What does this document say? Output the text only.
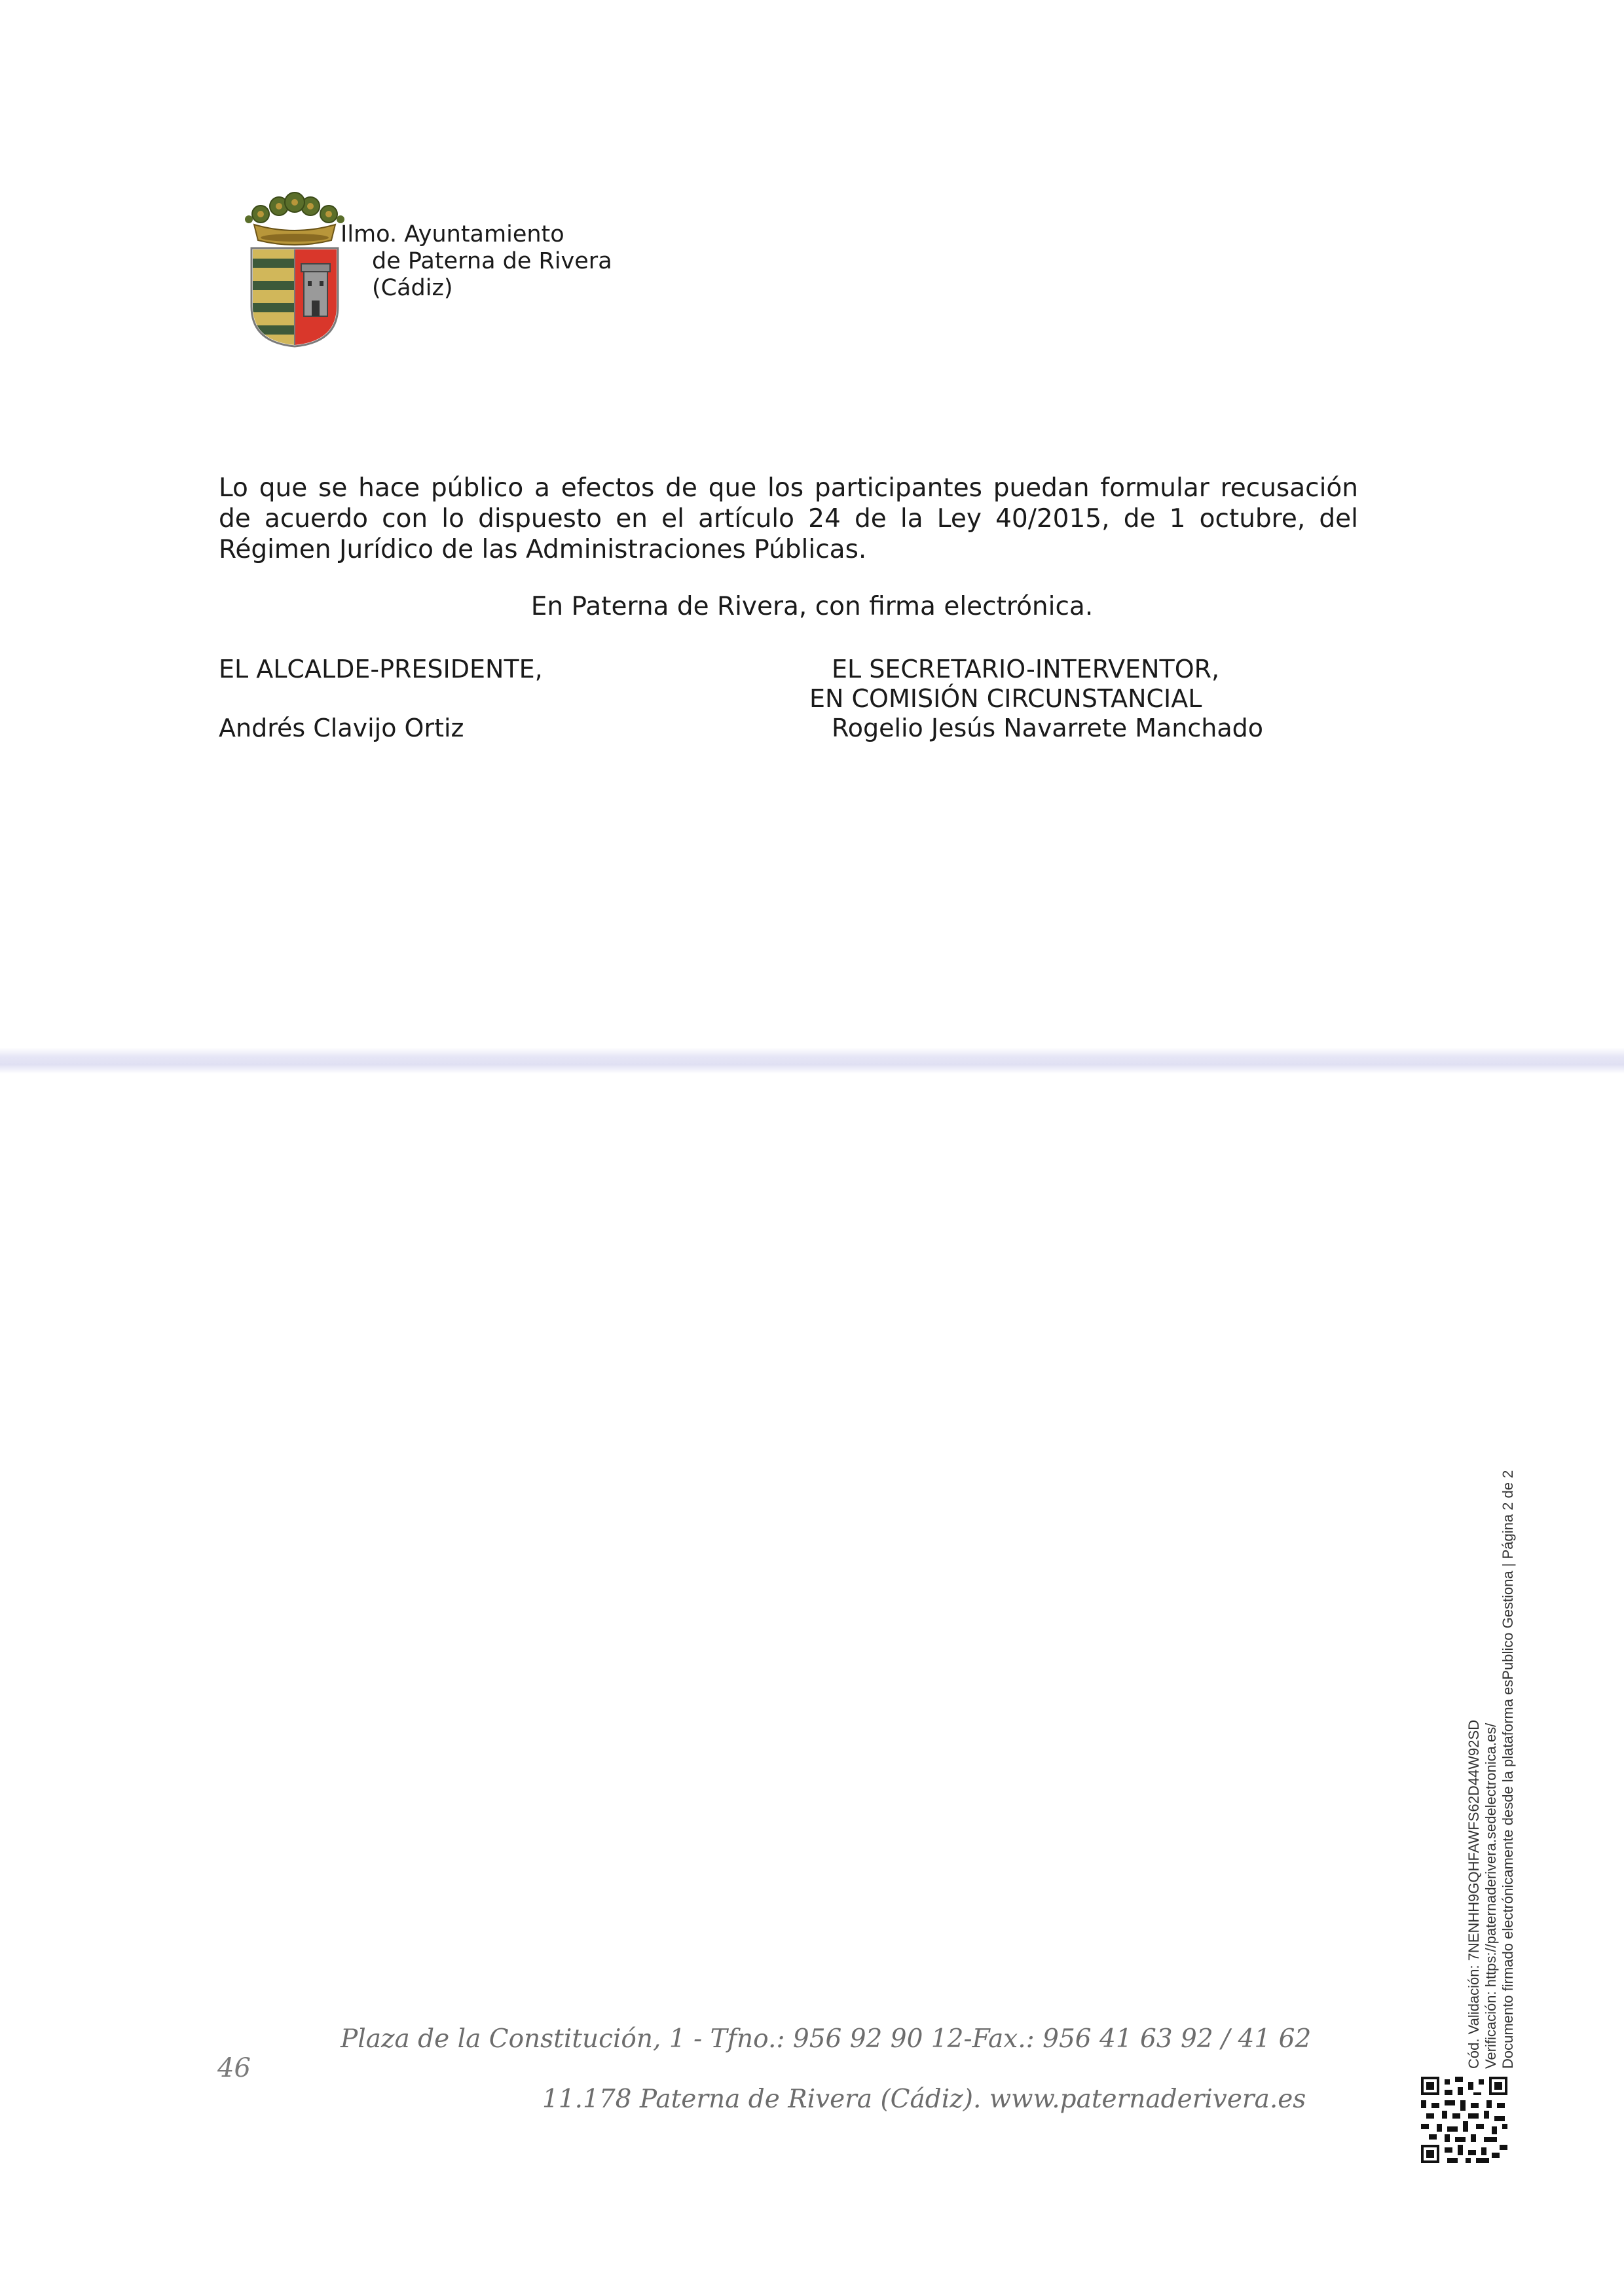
Ilmo. Ayuntamiento
de Paterna de Rivera
(Cádiz)
Lo que se hace público a efectos de que los participantes puedan formular recusación de acuerdo con lo dispuesto en el artículo 24 de la Ley 40/2015, de 1 octubre, del Régimen Jurídico de las Administraciones Públicas.
En Paterna de Rivera, con firma electrónica.
EL ALCALDE-PRESIDENTE,
Andrés Clavijo Ortiz
EL SECRETARIO-INTERVENTOR,
EN COMISIÓN CIRCUNSTANCIAL
Rogelio Jesús Navarrete Manchado
46
Plaza de la Constitución, 1 - Tfno.: 956 92 90 12-Fax.: 956 41 63 92 / 41 62
11.178 Paterna de Rivera (Cádiz). www.paternaderivera.es
Cód. Validación: 7NENHH9GQHFAWFS62D44W92SD Verificación: https://paternaderivera.sedelectronica.es/ Documento firmado electrónicamente desde la plataforma esPublico Gestiona | Página 2 de 2
